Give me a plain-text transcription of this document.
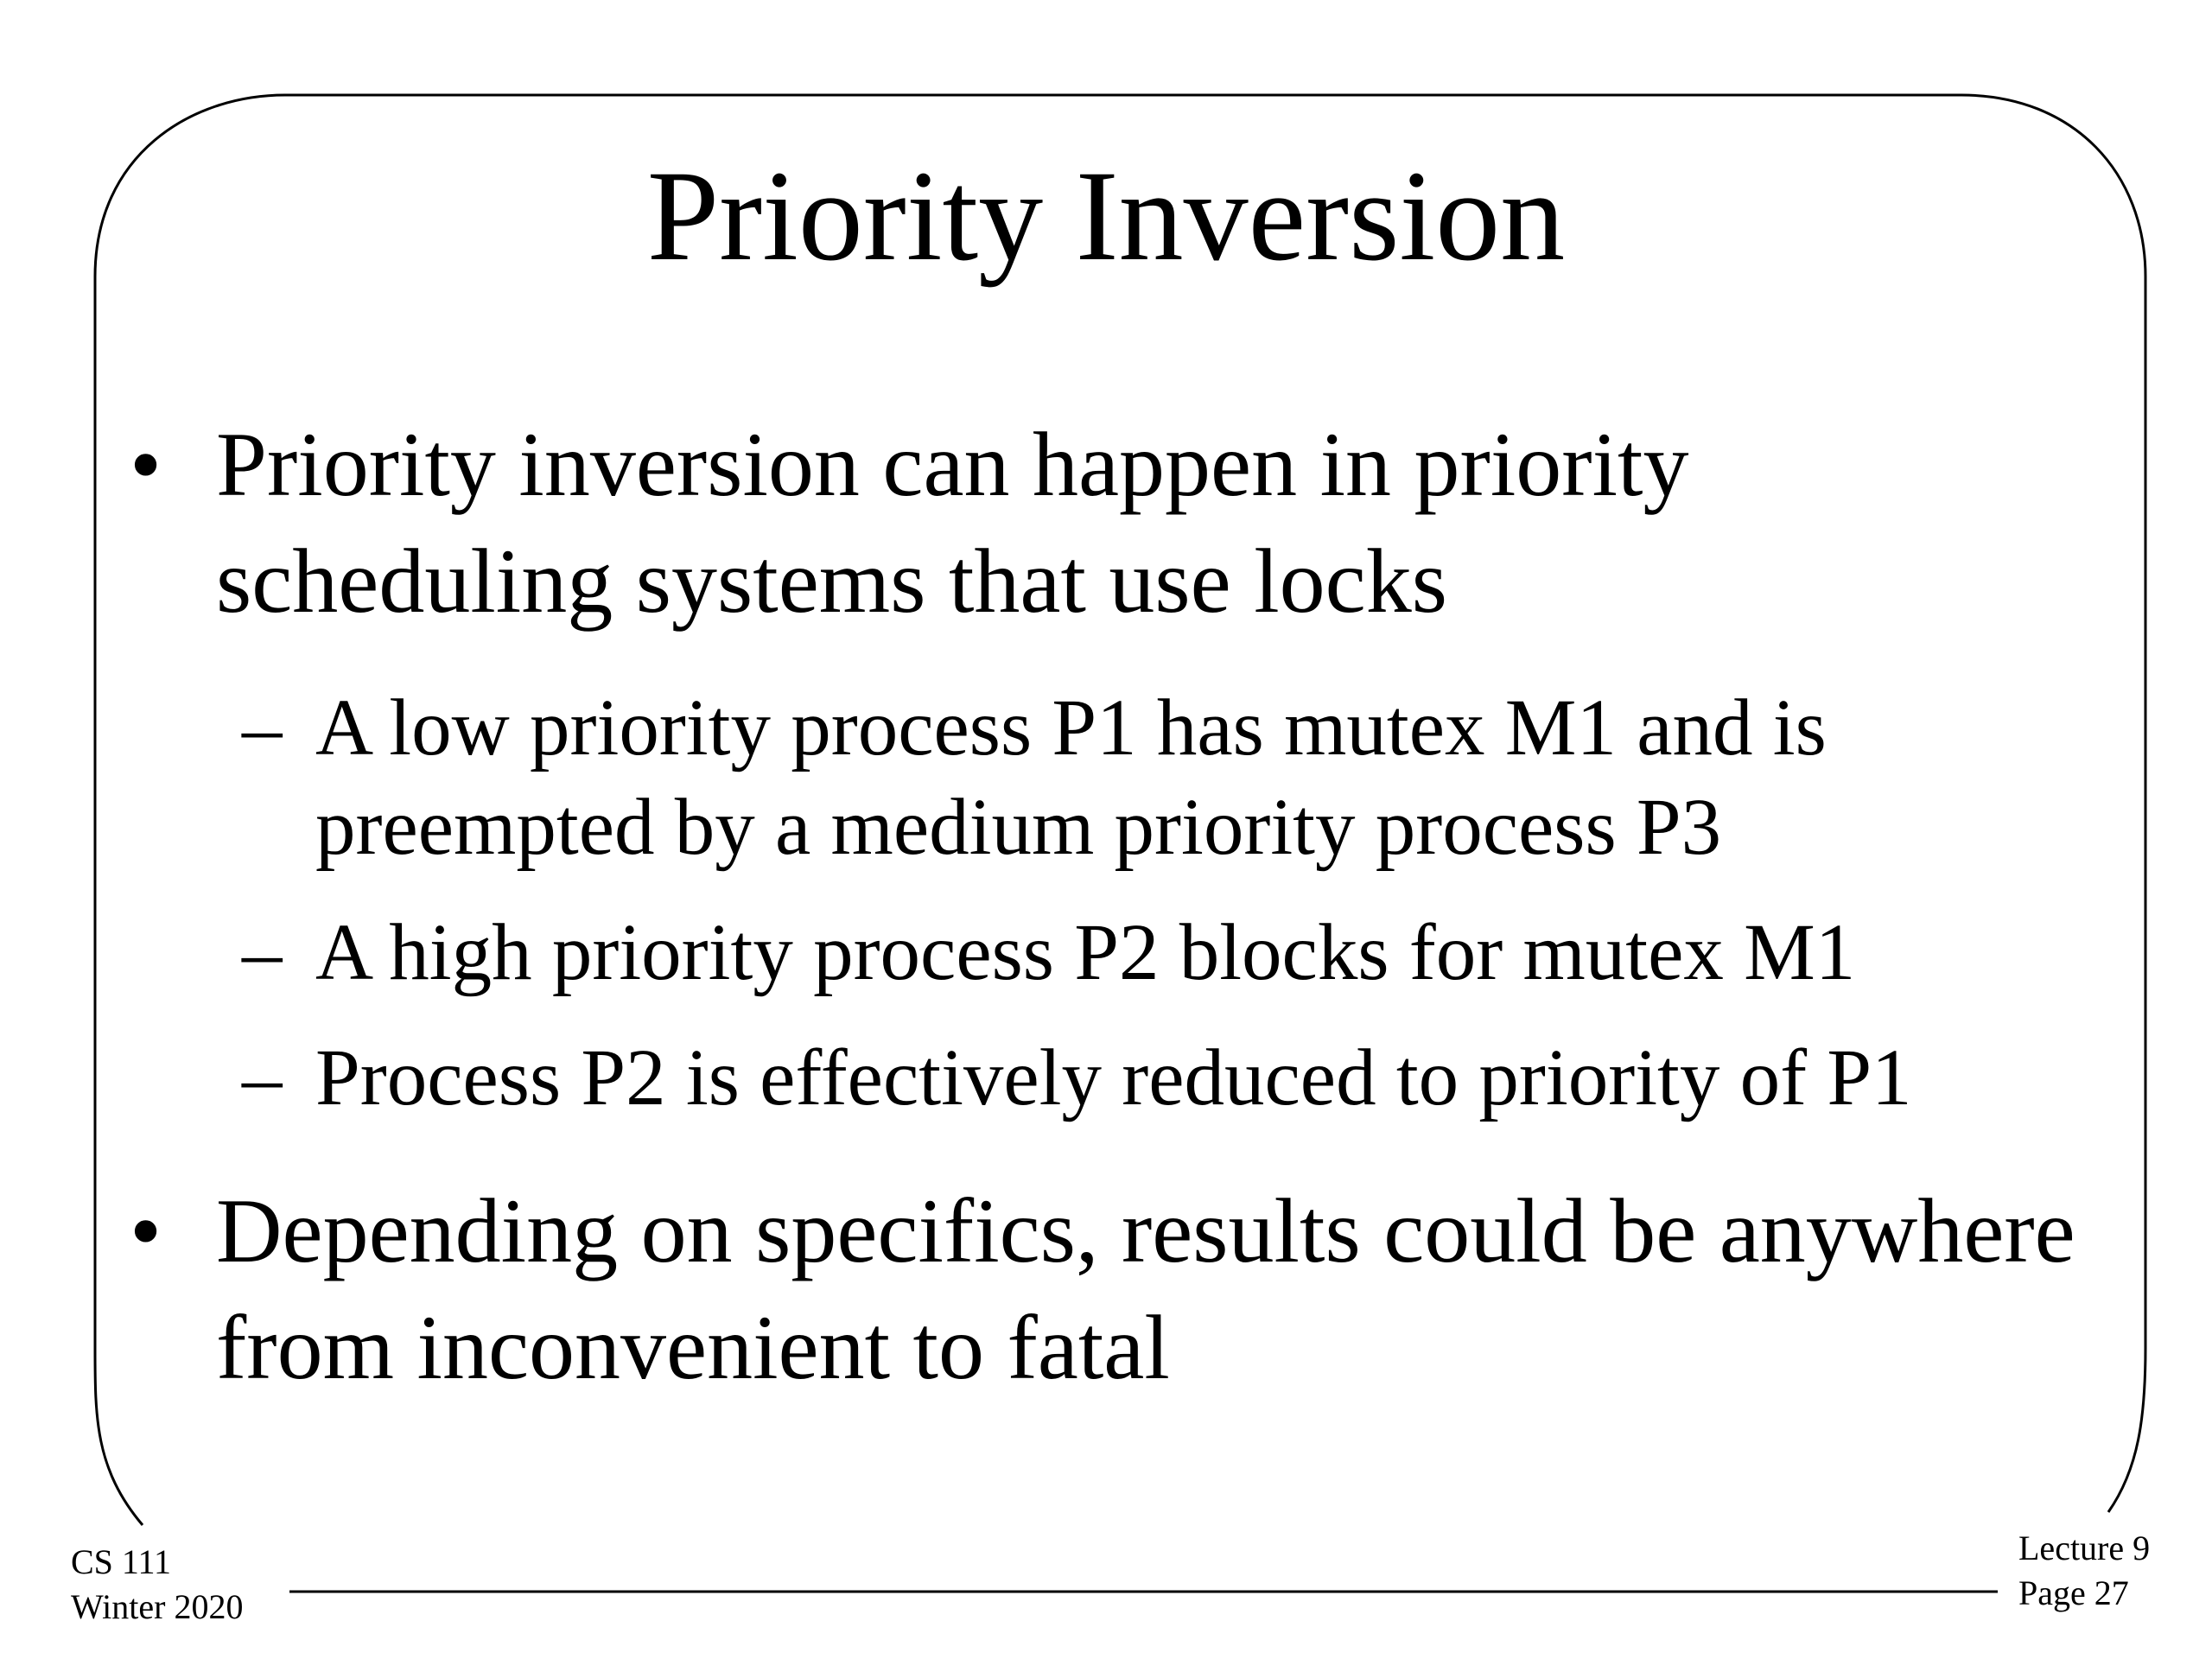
Priority Inversion
• Priority inversion can happen in priority scheduling systems that use locks
– A low priority process P1 has mutex M1 and is preempted by a medium priority process P3
– A high priority process P2 blocks for mutex M1
– Process P2 is effectively reduced to priority of P1
• Depending on specifics, results could be anywhere from inconvenient to fatal
CS 111
Winter 2020
Lecture 9
Page 27
